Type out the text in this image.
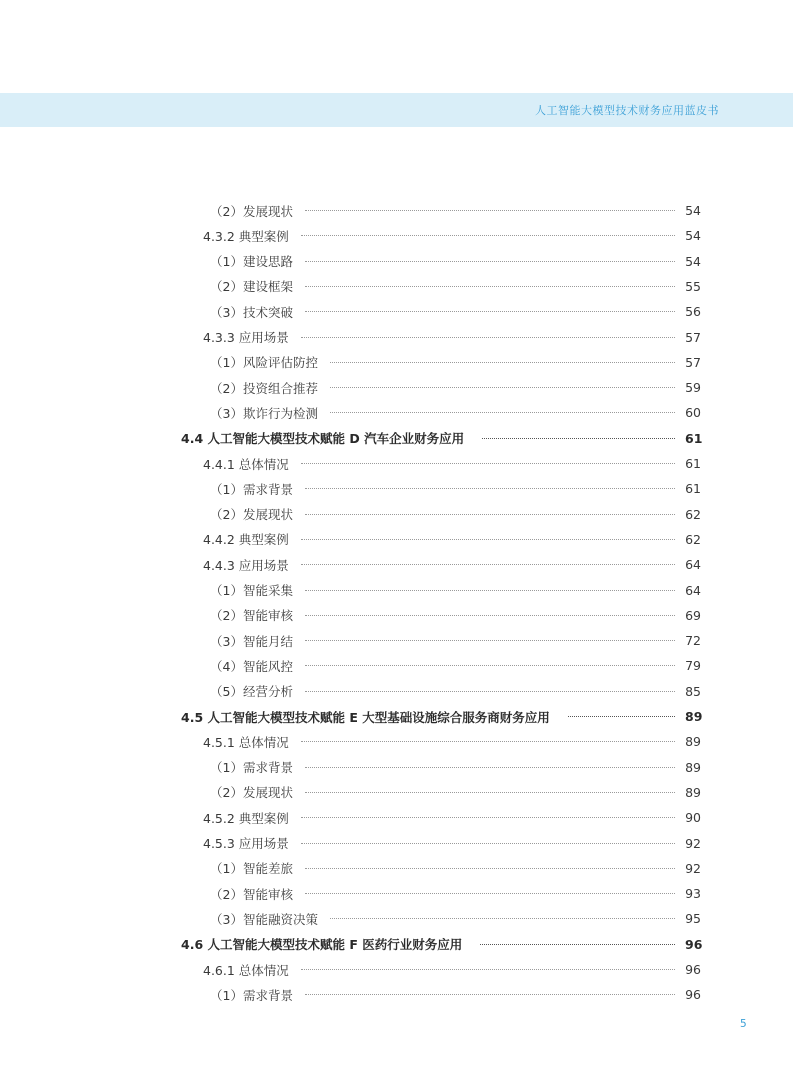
人工智能大模型技术财务应用蓝皮书
（2）发展现状	54
4.3.2 典型案例	54
（1）建设思路	54
（2）建设框架	55
（3）技术突破	56
4.3.3 应用场景	57
（1）风险评估防控	57
（2）投资组合推荐	59
（3）欺诈行为检测	60
4.4 人工智能大模型技术赋能 D 汽车企业财务应用	61
4.4.1 总体情况	61
（1）需求背景	61
（2）发展现状	62
4.4.2 典型案例	62
4.4.3 应用场景	64
（1）智能采集	64
（2）智能审核	69
（3）智能月结	72
（4）智能风控	79
（5）经营分析	85
4.5 人工智能大模型技术赋能 E 大型基础设施综合服务商财务应用	89
4.5.1 总体情况	89
（1）需求背景	89
（2）发展现状	89
4.5.2 典型案例	90
4.5.3 应用场景	92
（1）智能差旅	92
（2）智能审核	93
（3）智能融资决策	95
4.6 人工智能大模型技术赋能 F 医药行业财务应用	96
4.6.1 总体情况	96
（1）需求背景	96
5
